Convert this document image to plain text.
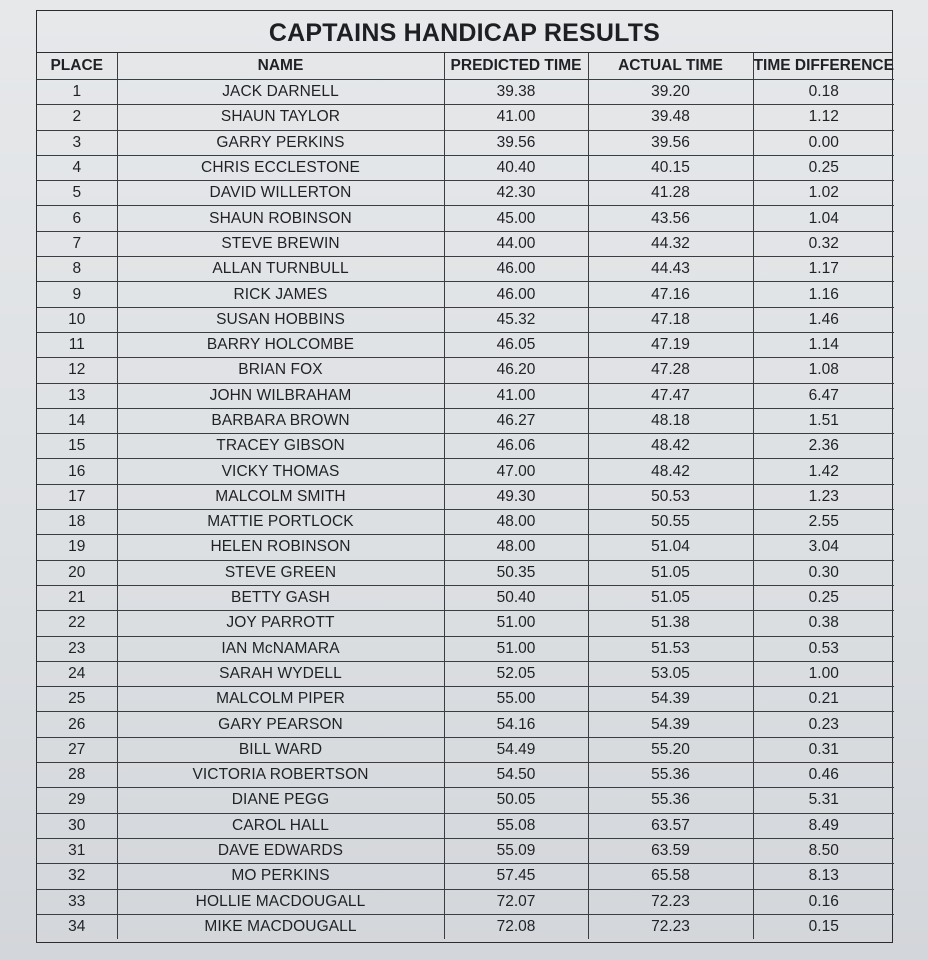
CAPTAINS HANDICAP RESULTS
PLACE	NAME	PREDICTED TIME	ACTUAL TIME	TIME DIFFERENCE
1	JACK DARNELL	39.38	39.20	0.18
2	SHAUN TAYLOR	41.00	39.48	1.12
3	GARRY PERKINS	39.56	39.56	0.00
4	CHRIS ECCLESTONE	40.40	40.15	0.25
5	DAVID WILLERTON	42.30	41.28	1.02
6	SHAUN ROBINSON	45.00	43.56	1.04
7	STEVE BREWIN	44.00	44.32	0.32
8	ALLAN TURNBULL	46.00	44.43	1.17
9	RICK JAMES	46.00	47.16	1.16
10	SUSAN HOBBINS	45.32	47.18	1.46
11	BARRY HOLCOMBE	46.05	47.19	1.14
12	BRIAN FOX	46.20	47.28	1.08
13	JOHN WILBRAHAM	41.00	47.47	6.47
14	BARBARA BROWN	46.27	48.18	1.51
15	TRACEY GIBSON	46.06	48.42	2.36
16	VICKY THOMAS	47.00	48.42	1.42
17	MALCOLM SMITH	49.30	50.53	1.23
18	MATTIE PORTLOCK	48.00	50.55	2.55
19	HELEN ROBINSON	48.00	51.04	3.04
20	STEVE GREEN	50.35	51.05	0.30
21	BETTY GASH	50.40	51.05	0.25
22	JOY PARROTT	51.00	51.38	0.38
23	IAN McNAMARA	51.00	51.53	0.53
24	SARAH WYDELL	52.05	53.05	1.00
25	MALCOLM PIPER	55.00	54.39	0.21
26	GARY PEARSON	54.16	54.39	0.23
27	BILL WARD	54.49	55.20	0.31
28	VICTORIA ROBERTSON	54.50	55.36	0.46
29	DIANE PEGG	50.05	55.36	5.31
30	CAROL HALL	55.08	63.57	8.49
31	DAVE EDWARDS	55.09	63.59	8.50
32	MO PERKINS	57.45	65.58	8.13
33	HOLLIE MACDOUGALL	72.07	72.23	0.16
34	MIKE MACDOUGALL	72.08	72.23	0.15
